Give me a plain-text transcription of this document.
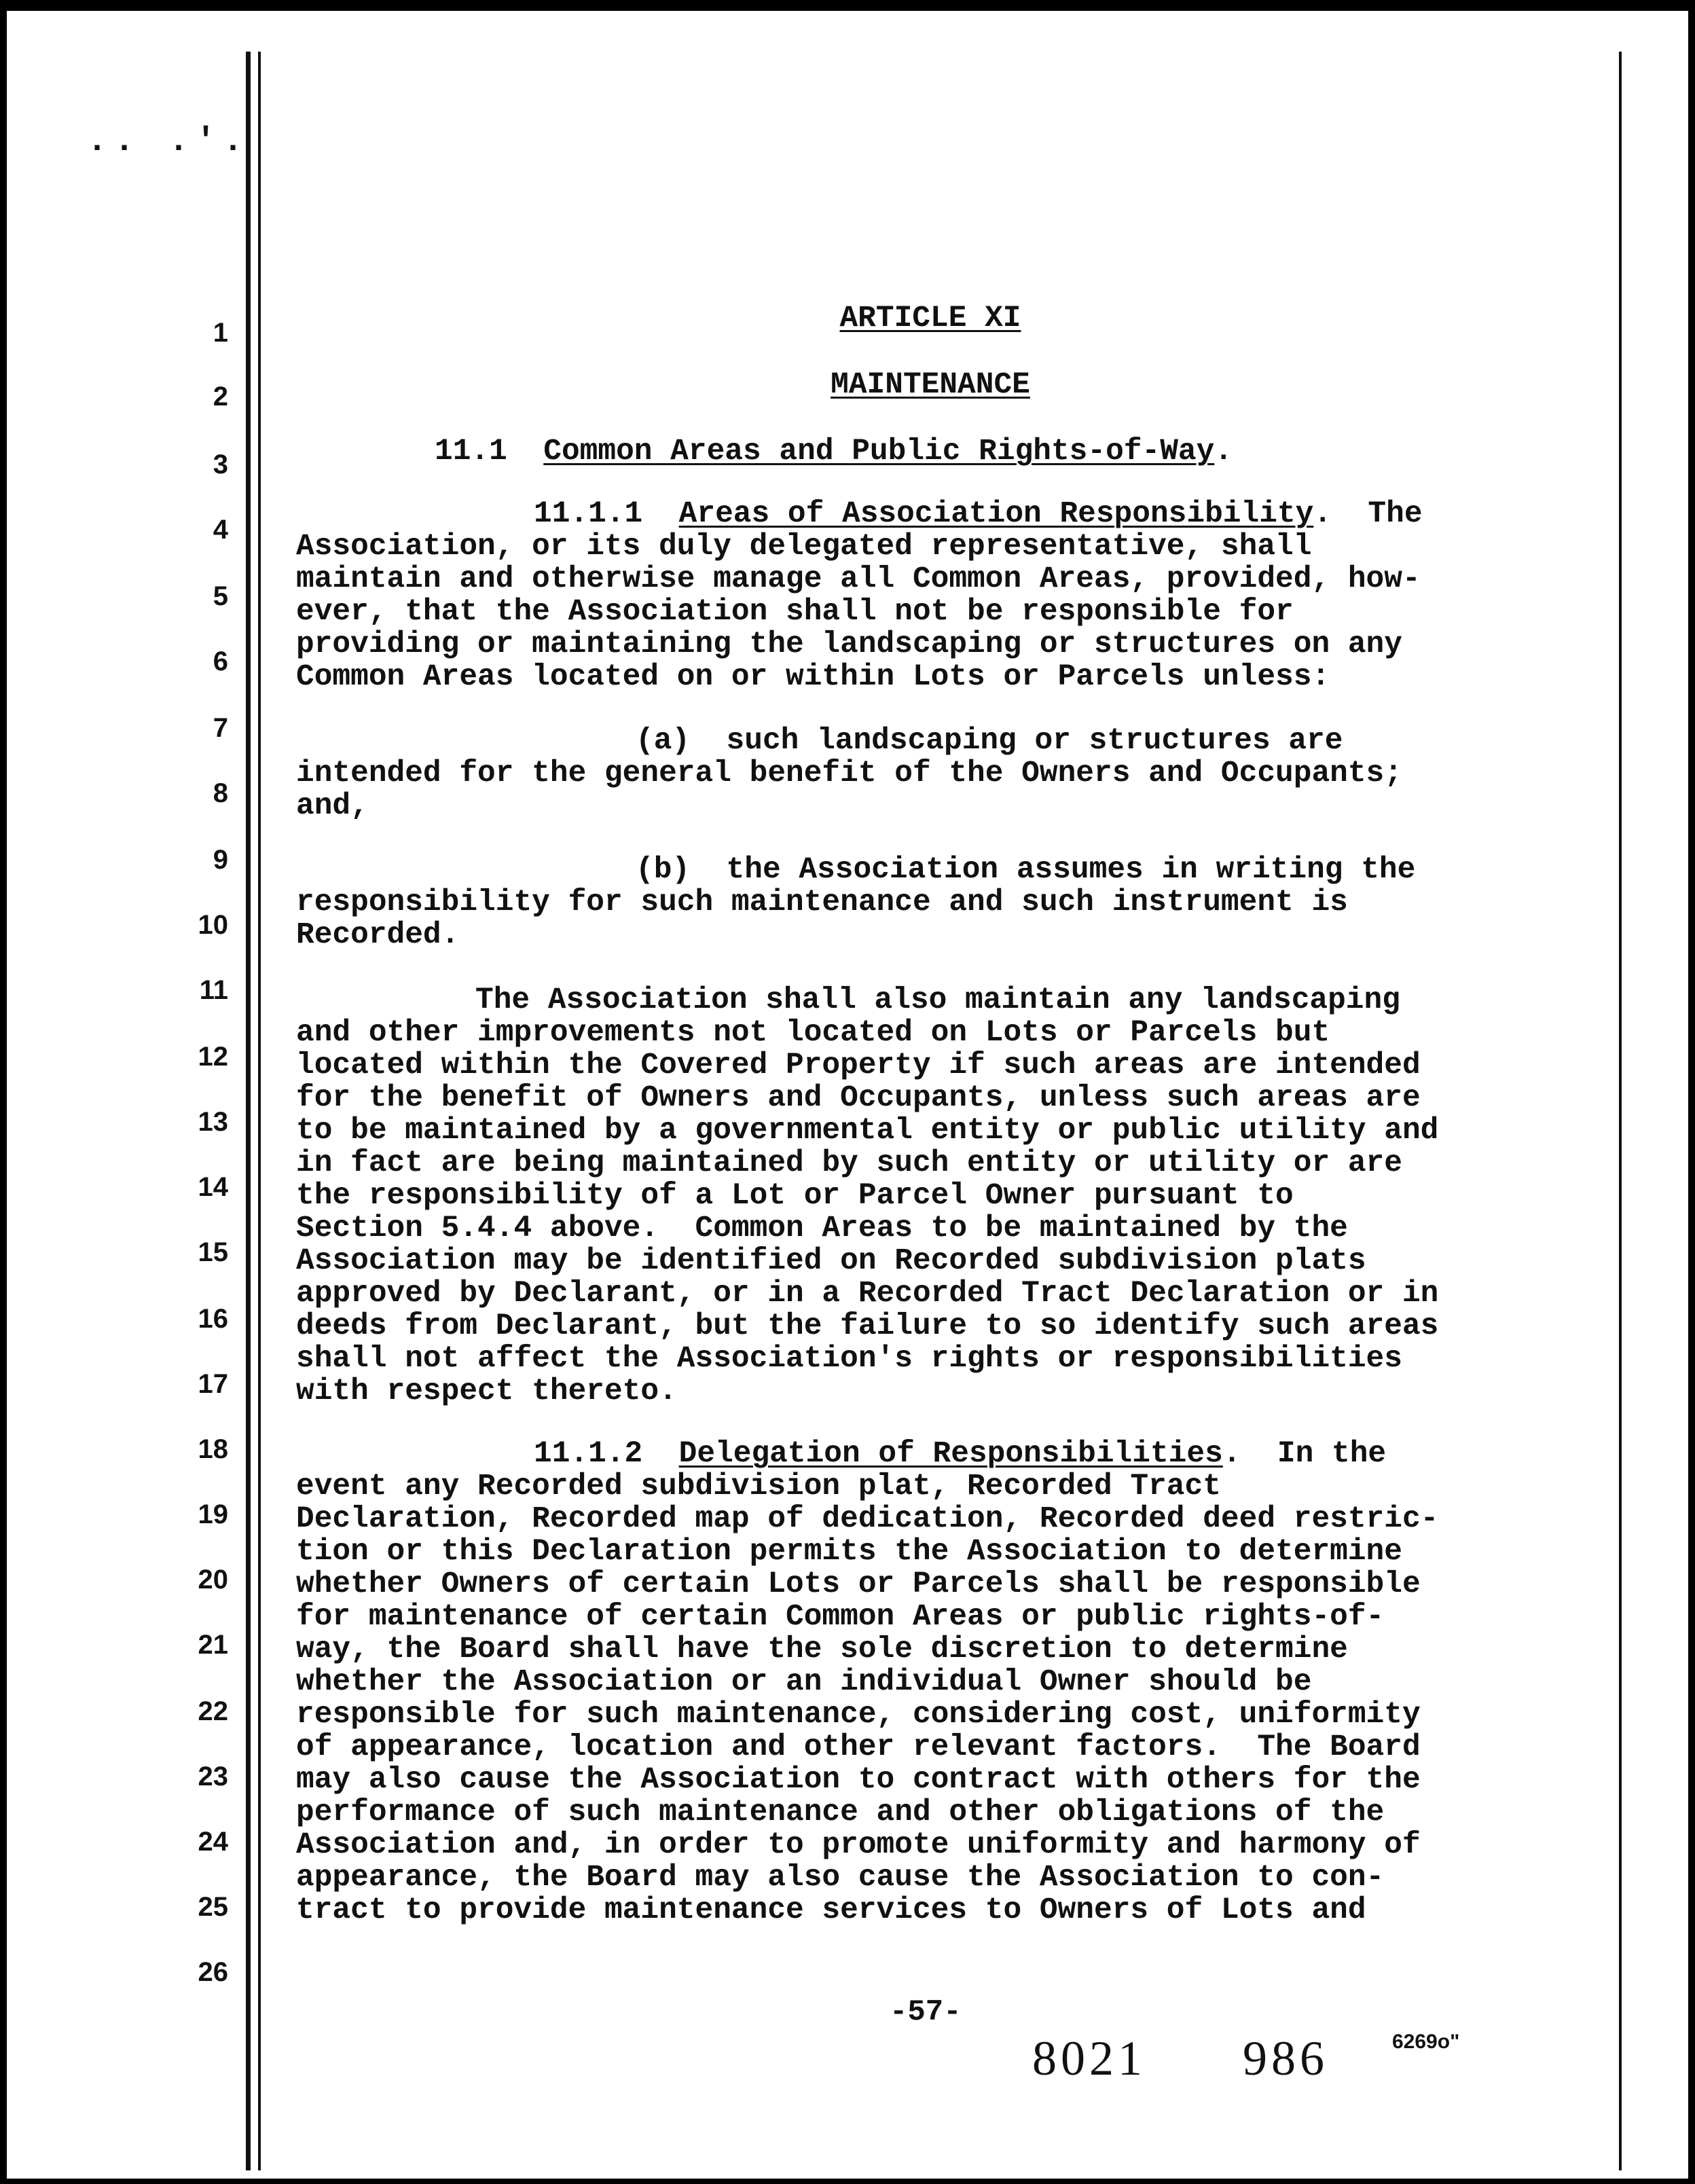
.. .'.
1
2
3
4
5
6
7
8
9
10
11
12
13
14
15
16
17
18
19
20
21
22
23
24
25
26
ARTICLE XI
MAINTENANCE
11.1 Common Areas and Public Rights-of-Way.
11.1.1 Areas of Association Responsibility.  The
Association, or its duly delegated representative, shall
maintain and otherwise manage all Common Areas, provided, how-
ever, that the Association shall not be responsible for
providing or maintaining the landscaping or structures on any
Common Areas located on or within Lots or Parcels unless:
(a) such landscaping or structures are
intended for the general benefit of the Owners and Occupants;
and,
(b) the Association assumes in writing the
responsibility for such maintenance and such instrument is
Recorded.
The Association shall also maintain any landscaping
and other improvements not located on Lots or Parcels but
located within the Covered Property if such areas are intended
for the benefit of Owners and Occupants, unless such areas are
to be maintained by a governmental entity or public utility and
in fact are being maintained by such entity or utility or are
the responsibility of a Lot or Parcel Owner pursuant to
Section 5.4.4 above.  Common Areas to be maintained by the
Association may be identified on Recorded subdivision plats
approved by Declarant, or in a Recorded Tract Declaration or in
deeds from Declarant, but the failure to so identify such areas
shall not affect the Association's rights or responsibilities
with respect thereto.
11.1.2 Delegation of Responsibilities.  In the
event any Recorded subdivision plat, Recorded Tract
Declaration, Recorded map of dedication, Recorded deed restric-
tion or this Declaration permits the Association to determine
whether Owners of certain Lots or Parcels shall be responsible
for maintenance of certain Common Areas or public rights-of-
way, the Board shall have the sole discretion to determine
whether the Association or an individual Owner should be
responsible for such maintenance, considering cost, uniformity
of appearance, location and other relevant factors.  The Board
may also cause the Association to contract with others for the
performance of such maintenance and other obligations of the
Association and, in order to promote uniformity and harmony of
appearance, the Board may also cause the Association to con-
tract to provide maintenance services to Owners of Lots and
-57-
8021 986	6269o"
